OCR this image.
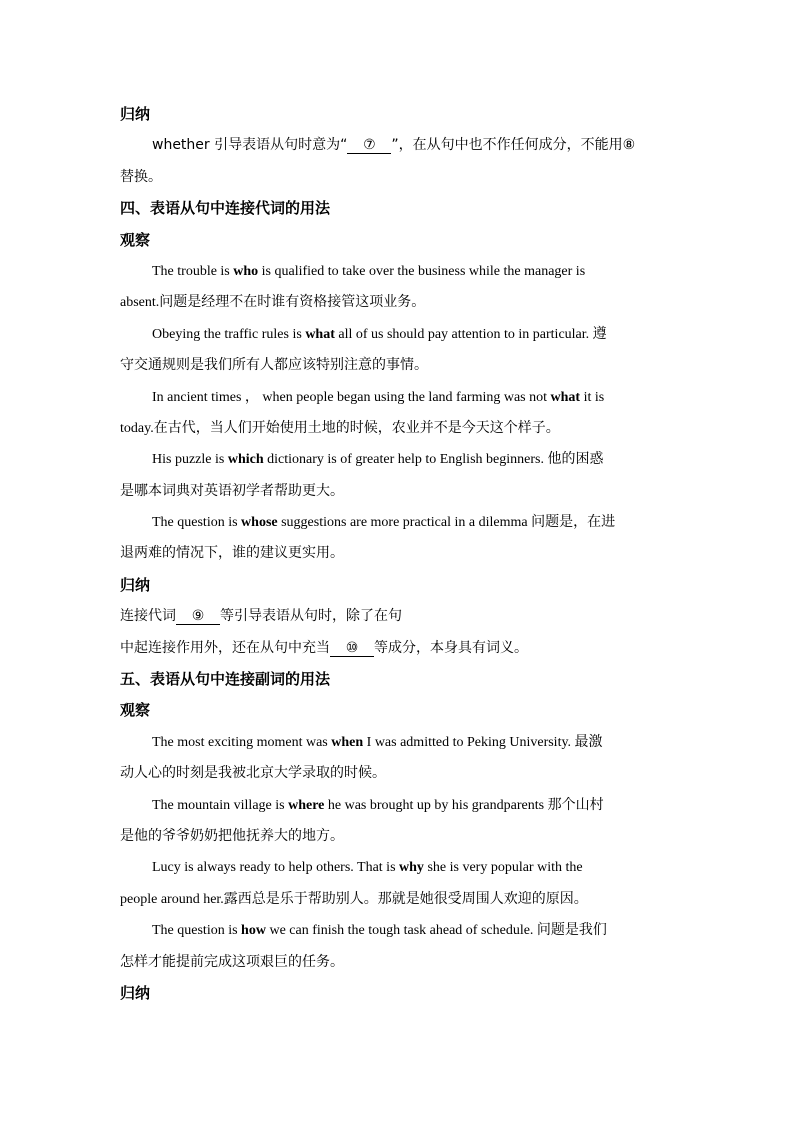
归纳
whether 引导表语从句时意为“ ⑦ ”，在从句中也不作任何成分，不能用⑧
替换。
四、表语从句中连接代词的用法
观察
The trouble is who is qualified to take over the business while the manager is
absent.问题是经理不在时谁有资格接管这项业务。
Obeying the traffic rules is what all of us should pay attention to in particular. 遵
守交通规则是我们所有人都应该特别注意的事情。
In ancient times ， when people began using the land farming was not what it is
today.在古代，当人们开始使用土地的时候，农业并不是今天这个样子。
His puzzle is which dictionary is of greater help to English beginners. 他的困惑
是哪本词典对英语初学者帮助更大。
The question is whose suggestions are more practical in a dilemma 问题是，在进
退两难的情况下，谁的建议更实用。
归纳
连接代词 ⑨ 等引导表语从句时，除了在句
中起连接作用外，还在从句中充当 ⑩ 等成分，本身具有词义。
五、表语从句中连接副词的用法
观察
The most exciting moment was when I was admitted to Peking University. 最激
动人心的时刻是我被北京大学录取的时候。
The mountain village is where he was brought up by his grandparents 那个山村
是他的爷爷奶奶把他抚养大的地方。
Lucy is always ready to help others. That is why she is very popular with the
people around her.露西总是乐于帮助别人。那就是她很受周围人欢迎的原因。
The question is how we can finish the tough task ahead of schedule. 问题是我们
怎样才能提前完成这项艰巨的任务。
归纳
